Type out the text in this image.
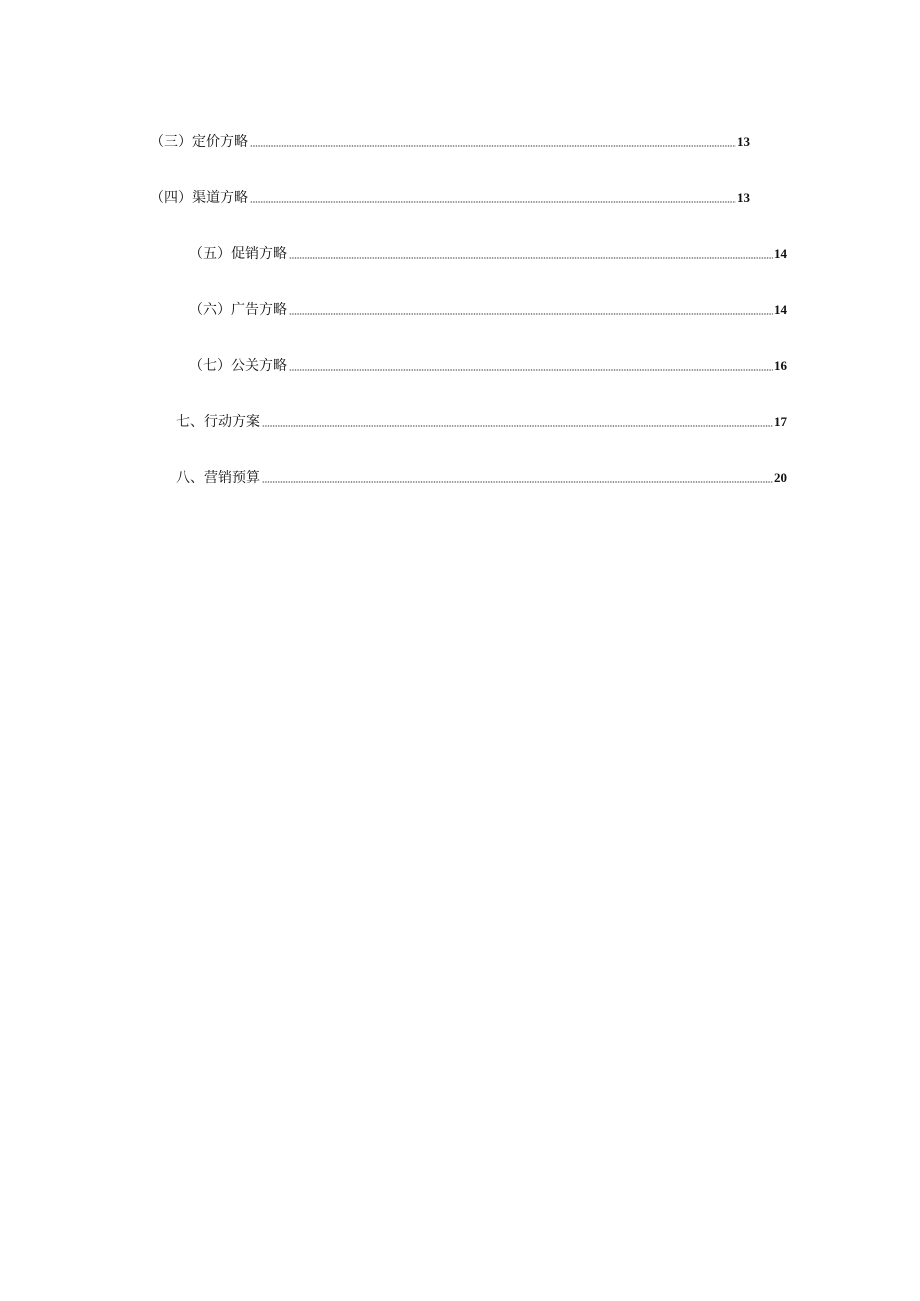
（三）定价方略	13
（四）渠道方略	13
（五）促销方略	14
（六）广告方略	14
（七）公关方略	16
七、行动方案	17
八、营销预算	20
